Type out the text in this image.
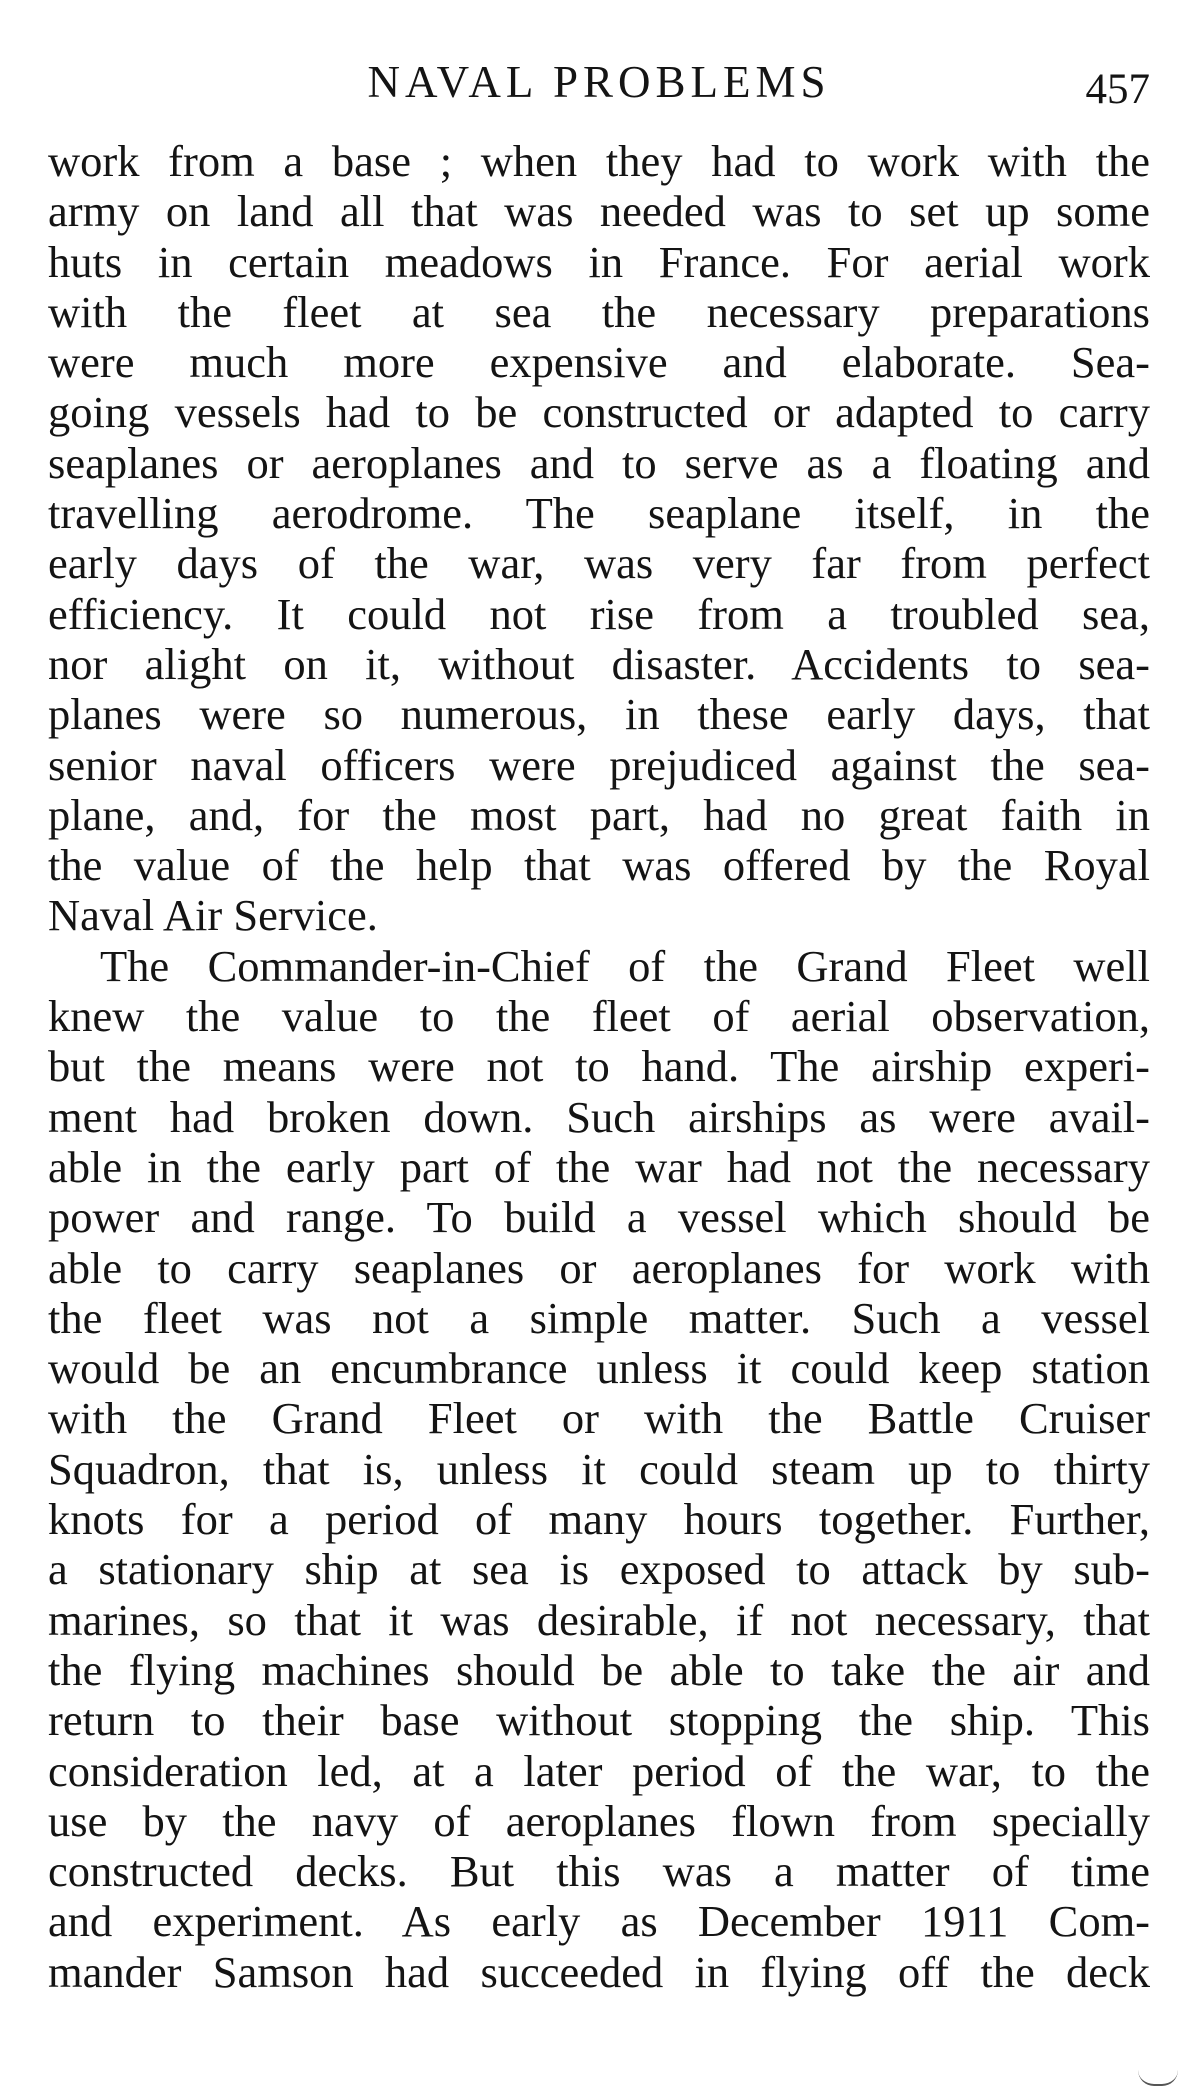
NAVAL PROBLEMS	457
work from a base ; when they had to work with the
army on land all that was needed was to set up some
huts in certain meadows in France. For aerial work
with the fleet at sea the necessary preparations
were much more expensive and elaborate. Sea-
going vessels had to be constructed or adapted to carry
seaplanes or aeroplanes and to serve as a floating and
travelling aerodrome. The seaplane itself, in the
early days of the war, was very far from perfect
efficiency. It could not rise from a troubled sea,
nor alight on it, without disaster. Accidents to sea-
planes were so numerous, in these early days, that
senior naval officers were prejudiced against the sea-
plane, and, for the most part, had no great faith in
the value of the help that was offered by the Royal
Naval Air Service.
The Commander-in-Chief of the Grand Fleet well
knew the value to the fleet of aerial observation,
but the means were not to hand. The airship experi-
ment had broken down. Such airships as were avail-
able in the early part of the war had not the necessary
power and range. To build a vessel which should be
able to carry seaplanes or aeroplanes for work with
the fleet was not a simple matter. Such a vessel
would be an encumbrance unless it could keep station
with the Grand Fleet or with the Battle Cruiser
Squadron, that is, unless it could steam up to thirty
knots for a period of many hours together. Further,
a stationary ship at sea is exposed to attack by sub-
marines, so that it was desirable, if not necessary, that
the flying machines should be able to take the air and
return to their base without stopping the ship. This
consideration led, at a later period of the war, to the
use by the navy of aeroplanes flown from specially
constructed decks. But this was a matter of time
and experiment. As early as December 1911 Com-
mander Samson had succeeded in flying off the deck
